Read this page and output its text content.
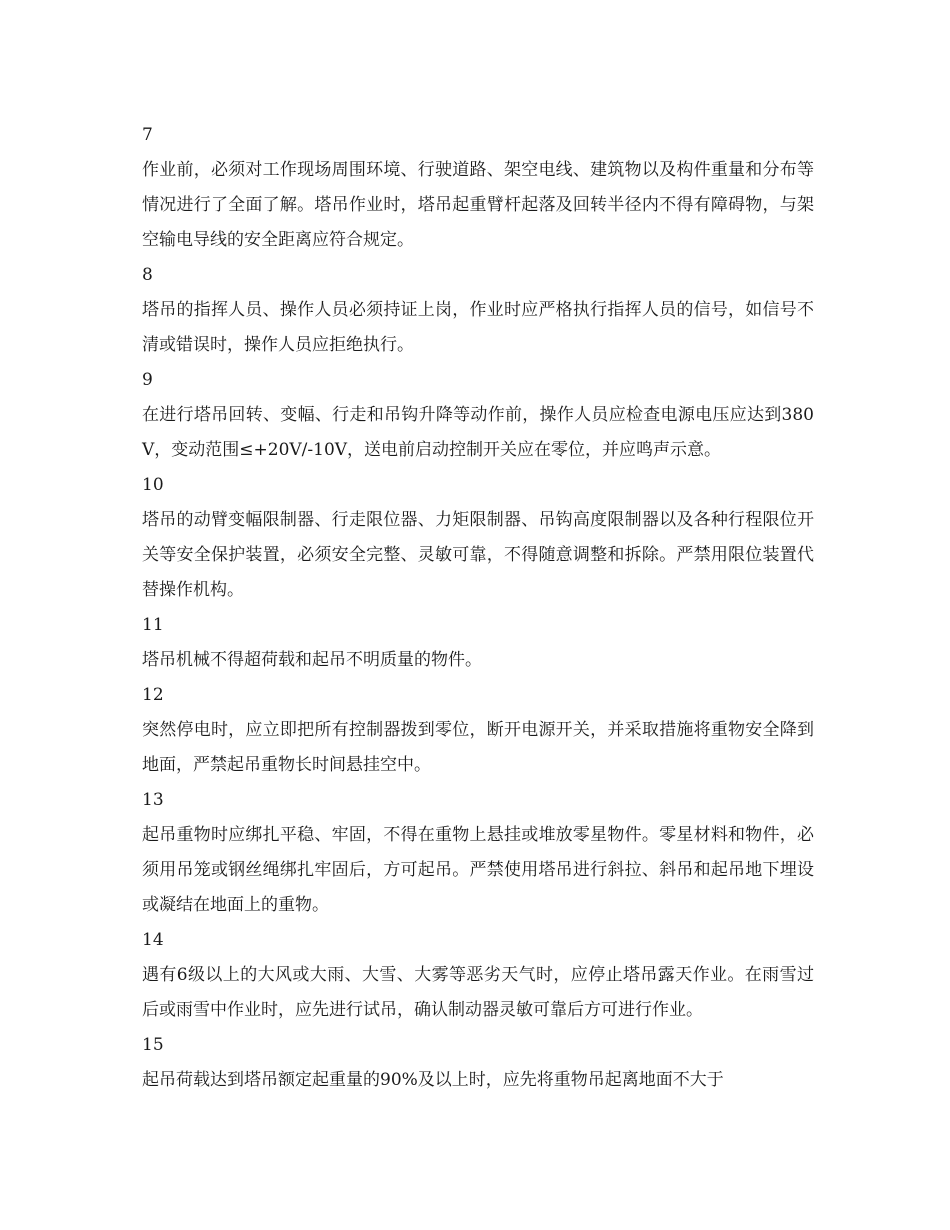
7

作业前，必须对工作现场周围环境、行驶道路、架空电线、建筑物以及构件重量和分布等情况进行了全面了解。塔吊作业时，塔吊起重臂杆起落及回转半径内不得有障碍物，与架空输电导线的安全距离应符合规定。

8

塔吊的指挥人员、操作人员必须持证上岗，作业时应严格执行指挥人员的信号，如信号不清或错误时，操作人员应拒绝执行。

9

在进行塔吊回转、变幅、行走和吊钩升降等动作前，操作人员应检查电源电压应达到380V，变动范围≤+20V/-10V，送电前启动控制开关应在零位，并应鸣声示意。

10

塔吊的动臂变幅限制器、行走限位器、力矩限制器、吊钩高度限制器以及各种行程限位开关等安全保护装置，必须安全完整、灵敏可靠，不得随意调整和拆除。严禁用限位装置代替操作机构。

11

塔吊机械不得超荷载和起吊不明质量的物件。

12

突然停电时，应立即把所有控制器拨到零位，断开电源开关，并采取措施将重物安全降到地面，严禁起吊重物长时间悬挂空中。

13

起吊重物时应绑扎平稳、牢固，不得在重物上悬挂或堆放零星物件。零星材料和物件，必须用吊笼或钢丝绳绑扎牢固后，方可起吊。严禁使用塔吊进行斜拉、斜吊和起吊地下埋设或凝结在地面上的重物。

14

遇有6级以上的大风或大雨、大雪、大雾等恶劣天气时，应停止塔吊露天作业。在雨雪过后或雨雪中作业时，应先进行试吊，确认制动器灵敏可靠后方可进行作业。

15

起吊荷载达到塔吊额定起重量的90%及以上时，应先将重物吊起离地面不大于
